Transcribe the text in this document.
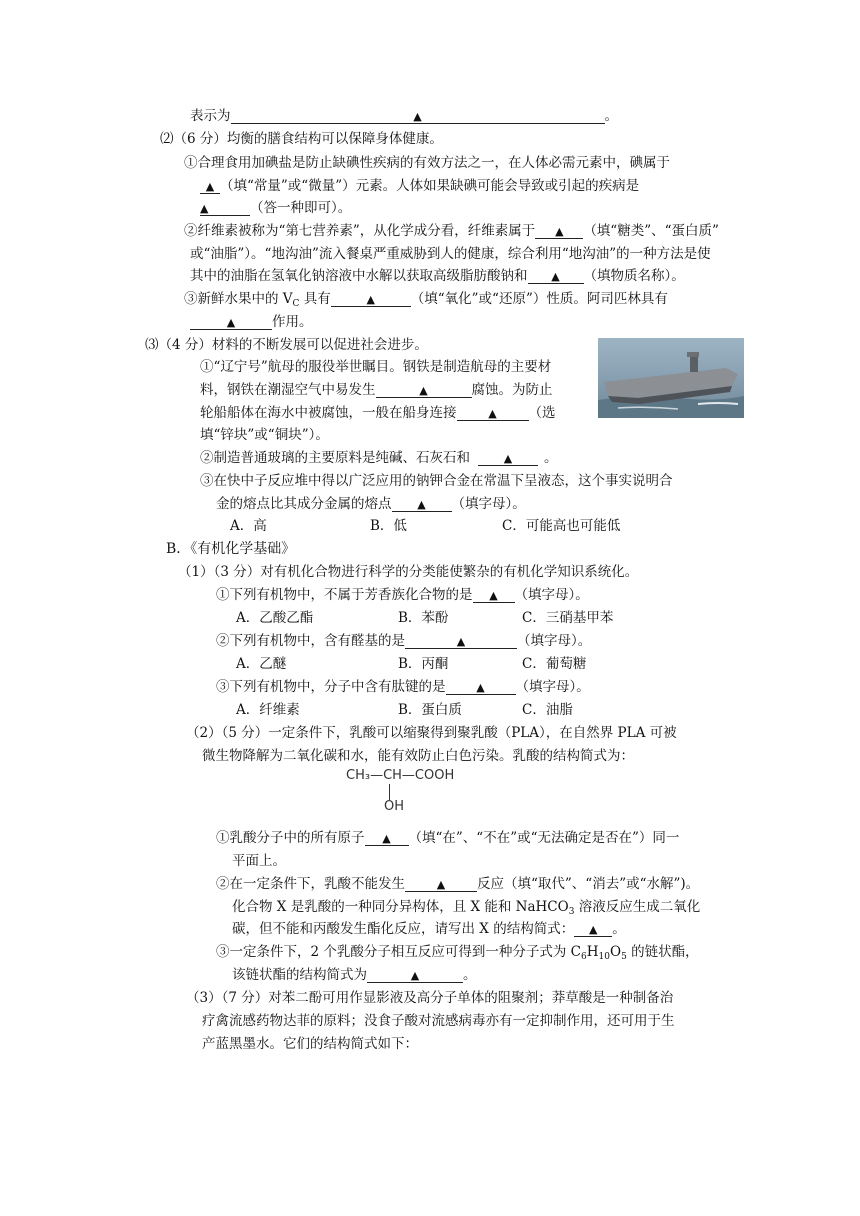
表示为	▲	。
⑵（6 分）均衡的膳食结构可以保障身体健康。
①合理食用加碘盐是防止缺碘性疾病的有效方法之一，在人体必需元素中，碘属于
▲ （填“常量”或“微量”）元素。人体如果缺碘可能会导致或引起的疾病是
▲	（答一种即可）。
②纤维素被称为“第七营养素”，从化学成分看，纤维素属于 ▲ （填“糖类”、“蛋白质”
或“油脂”）。“地沟油”流入餐桌严重威胁到人的健康，综合利用“地沟油”的一种方法是使
其中的油脂在氢氧化钠溶液中水解以获取高级脂肪酸钠和 ▲ （填物质名称）。
③新鲜水果中的 $V_C$ 具有	▲	（填“氧化”或“还原”）性质。阿司匹林具有
▲	作用。
⑶（4 分）材料的不断发展可以促进社会进步。
①“辽宁号”航母的服役举世瞩目。钢铁是制造航母的主要材
料，钢铁在潮湿空气中易发生	▲	腐蚀。为防止
轮船船体在海水中被腐蚀，一般在船身连接	▲ （选
填“锌块”或“铜块”）。
②制造普通玻璃的主要原料是纯碱、石灰石和	▲ 。
③在快中子反应堆中得以广泛应用的钠钾合金在常温下呈液态，这个事实说明合
金的熔点比其成分金属的熔点 ▲ （填字母）。
A．高	B．低	C．可能高也可能低
B．《有机化学基础》
（1）（3 分）对有机化合物进行科学的分类能使繁杂的有机化学知识系统化。
①下列有机物中，不属于芳香族化合物的是 ▲ （填字母）。
A．乙酸乙酯	B．苯酚	C．三硝基甲苯
②下列有机物中，含有醛基的是	▲	（填字母）。
A．乙醚	B．丙酮	C．葡萄糖
③下列有机物中，分子中含有肽键的是	▲ （填字母）。
A．纤维素	B．蛋白质	C．油脂
（2）（5 分）一定条件下，乳酸可以缩聚得到聚乳酸（PLA），在自然界 PLA 可被
微生物降解为二氧化碳和水，能有效防止白色污染。乳酸的结构简式为：
CH₃—CH—COOH
OH
①乳酸分子中的所有原子 ▲ （填“在”、“不在”或“无法确定是否在”）同一
平面上。
②在一定条件下，乳酸不能发生	▲ 反应（填“取代”、“消去”或“水解”)。
化合物 X 是乳酸的一种同分异构体，且 X 能和 NaHCO$_3$ 溶液反应生成二氧化
碳，但不能和丙酸发生酯化反应，请写出 X 的结构简式： ▲ 。
③一定条件下，2 个乳酸分子相互反应可得到一种分子式为 $C_6H_{10}O_5$ 的链状酯，
该链状酯的结构简式为	▲	。
（3）（7 分）对苯二酚可用作显影液及高分子单体的阻聚剂；莽草酸是一种制备治
疗禽流感药物达菲的原料；没食子酸对流感病毒亦有一定抑制作用，还可用于生
产蓝黑墨水。它们的结构简式如下：
